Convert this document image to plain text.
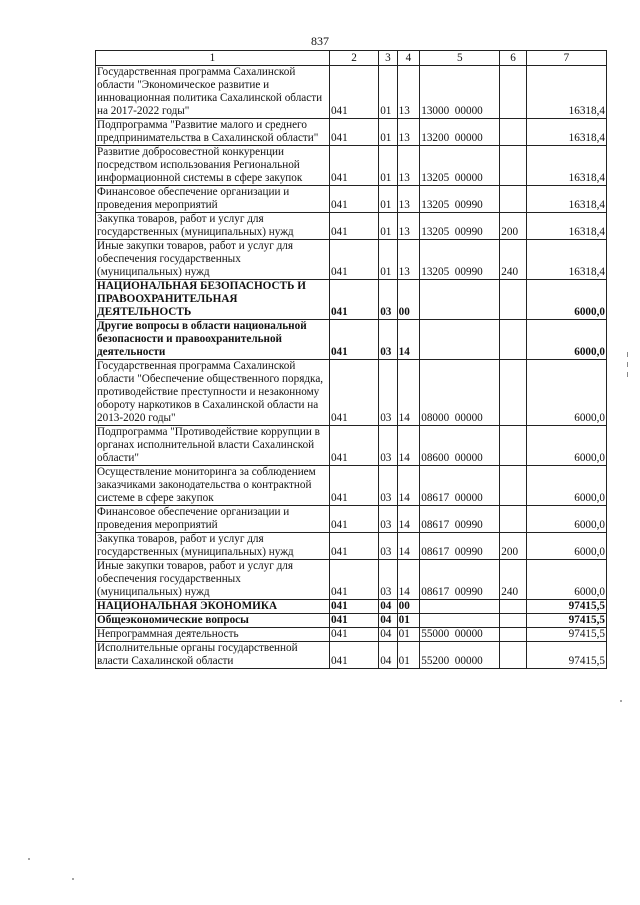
837
1	2	3	4	5	6	7
Государственная программа Сахалинской области "Экономическое развитие и инновационная политика Сахалинской области на 2017-2022 годы"	041	01	13	13000  00000		16318,4
Подпрограмма "Развитие малого и среднего предпринимательства в Сахалинской области"	041	01	13	13200  00000		16318,4
Развитие добросовестной конкуренции посредством использования Региональной информационной системы в сфере закупок	041	01	13	13205  00000		16318,4
Финансовое обеспечение организации и проведения мероприятий	041	01	13	13205  00990		16318,4
Закупка товаров, работ и услуг для государственных (муниципальных) нужд	041	01	13	13205  00990	200	16318,4
Иные закупки товаров, работ и услуг для обеспечения государственных (муниципальных) нужд	041	01	13	13205  00990	240	16318,4
НАЦИОНАЛЬНАЯ БЕЗОПАСНОСТЬ И ПРАВООХРАНИТЕЛЬНАЯ ДЕЯТЕЛЬНОСТЬ	041	03	00			6000,0
Другие вопросы в области национальной безопасности и правоохранительной деятельности	041	03	14			6000,0
Государственная программа Сахалинской области "Обеспечение общественного порядка, противодействие преступности и незаконному обороту наркотиков в Сахалинской области на 2013-2020 годы"	041	03	14	08000  00000		6000,0
Подпрограмма "Противодействие коррупции в органах исполнительной власти Сахалинской области"	041	03	14	08600  00000		6000,0
Осуществление мониторинга за соблюдением заказчиками законодательства о контрактной системе в сфере закупок	041	03	14	08617  00000		6000,0
Финансовое обеспечение организации и проведения мероприятий	041	03	14	08617  00990		6000,0
Закупка товаров, работ и услуг для государственных (муниципальных) нужд	041	03	14	08617  00990	200	6000,0
Иные закупки товаров, работ и услуг для обеспечения государственных (муниципальных) нужд	041	03	14	08617  00990	240	6000,0
НАЦИОНАЛЬНАЯ ЭКОНОМИКА	041	04	00			97415,5
Общеэкономические вопросы	041	04	01			97415,5
Непрограммная деятельность	041	04	01	55000  00000		97415,5
Исполнительные органы государственной власти Сахалинской области	041	04	01	55200  00000		97415,5
